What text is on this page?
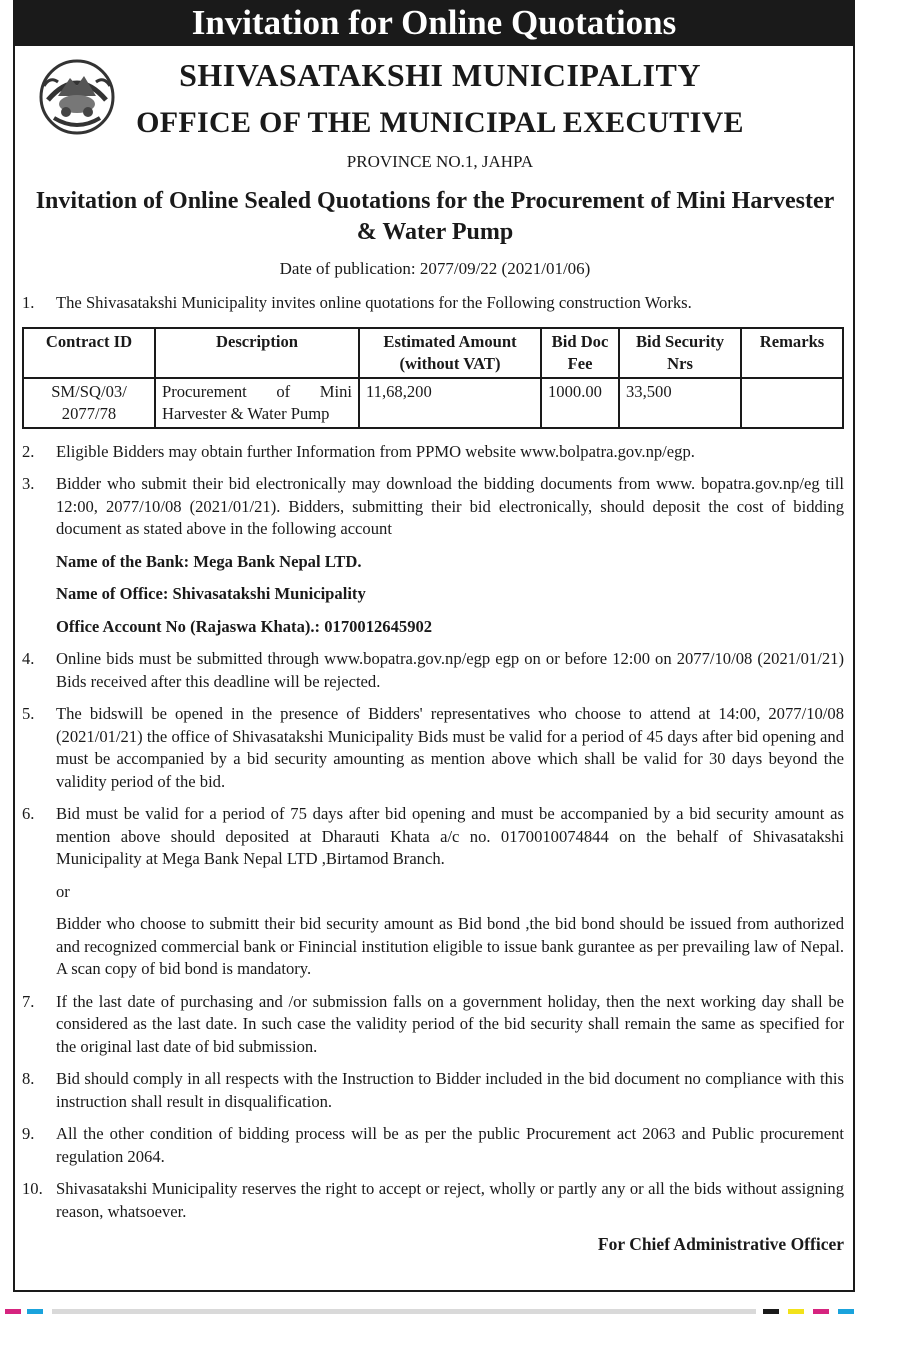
Invitation for Online Quotations
SHIVASATAKSHI MUNICIPALITY
OFFICE OF THE MUNICIPAL EXECUTIVE
PROVINCE NO.1, JAHPA
Invitation of Online Sealed Quotations for the Procurement of Mini Harvester & Water Pump
Date of publication: 2077/09/22 (2021/01/06)
1.	The Shivasatakshi Municipality invites online quotations for the Following construction Works.
Contract ID	Description	Estimated Amount (without VAT)	Bid Doc Fee	Bid Security Nrs	Remarks
SM/SQ/03/ 2077/78	Procurement of Mini Harvester & Water Pump	11,68,200	1000.00	33,500	
2.	Eligible Bidders may obtain further Information from PPMO website www.bolpatra.gov.np/egp.
3.	Bidder who submit their bid electronically may download the bidding documents from www. bopatra.gov.np/eg till 12:00, 2077/10/08 (2021/01/21). Bidders, submitting their bid electronically, should deposit the cost of bidding document as stated above in the following account
Name of the Bank: Mega Bank Nepal LTD.
Name of Office: Shivasatakshi Municipality
Office Account No (Rajaswa Khata).: 0170012645902
4.	Online bids must be submitted through www.bopatra.gov.np/egp egp on or before 12:00 on 2077/10/08 (2021/01/21) Bids received after this deadline will be rejected.
5.	The bidswill be opened in the presence of Bidders' representatives who choose to attend at 14:00, 2077/10/08 (2021/01/21) the office of Shivasatakshi Municipality Bids must be valid for a period of 45 days after bid opening and must be accompanied by a bid security amounting as mention above which shall be valid for 30 days beyond the validity period of the bid.
6.	Bid must be valid for a period of 75 days after bid opening and must be accompanied by a bid security amount as mention above should deposited at Dharauti Khata a/c no. 0170010074844 on the behalf of Shivasatakshi Municipality at Mega Bank Nepal LTD ,Birtamod Branch.
or
Bidder who choose to submitt their bid security amount as Bid bond ,the bid bond should be issued from authorized and recognized commercial bank or Finincial institution eligible to issue bank gurantee as per prevailing law of Nepal. A scan copy of bid bond is mandatory.
7.	If the last date of purchasing and /or submission falls on a government holiday, then the next working day shall be considered as the last date. In such case the validity period of the bid security shall remain the same as specified for the original last date of bid submission.
8.	Bid should comply in all respects with the Instruction to Bidder included in the bid document no compliance with this instruction shall result in disqualification.
9.	All the other condition of bidding process will be as per the public Procurement act 2063 and Public procurement regulation 2064.
10. Shivasatakshi Municipality reserves the right to accept or reject, wholly or partly any or all the bids without assigning reason, whatsoever.
For Chief Administrative Officer
